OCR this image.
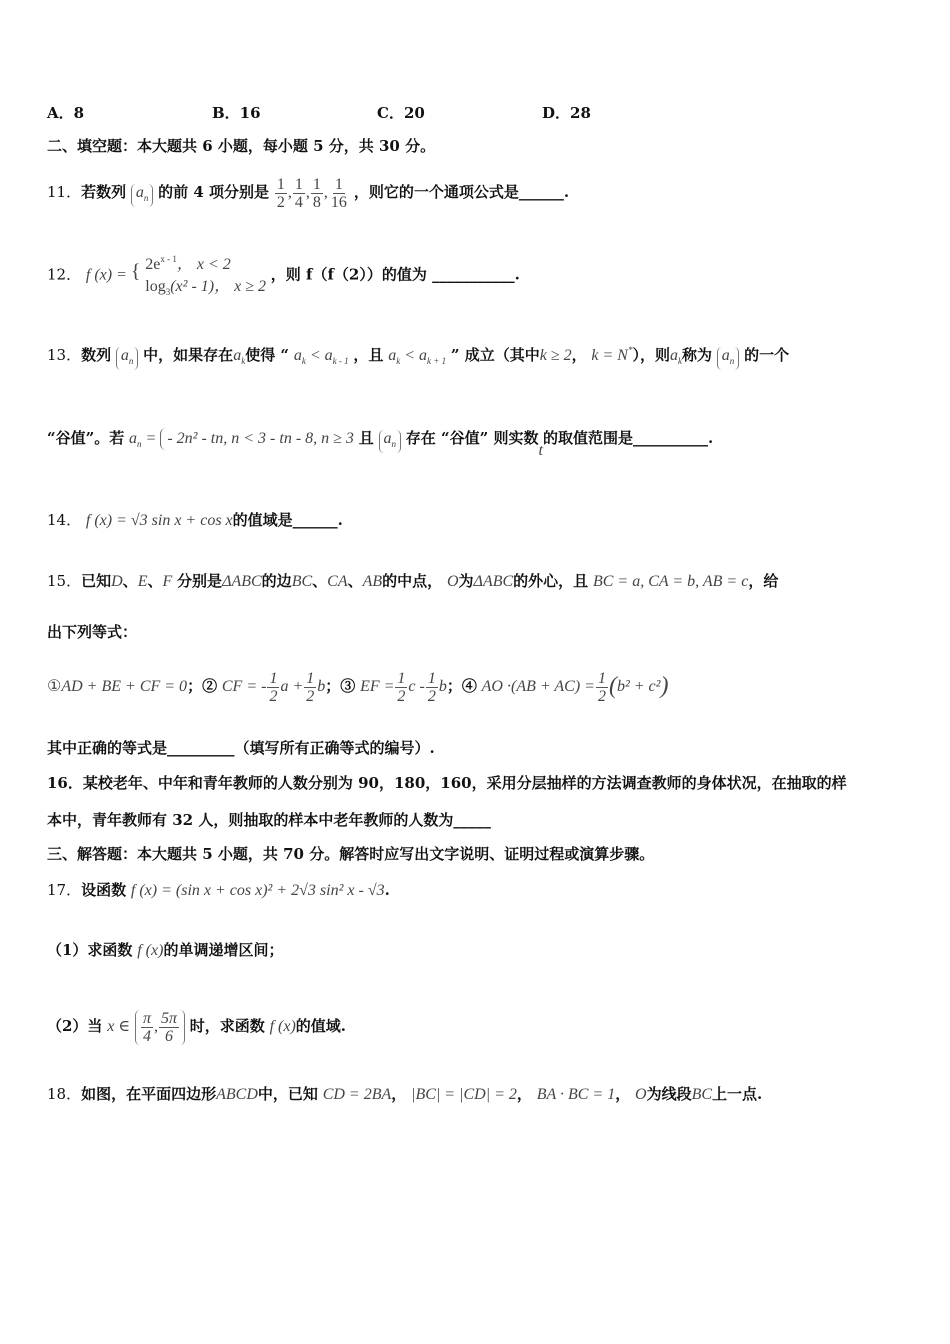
A．8	B．16	C．20	D．28
二、填空题：本大题共 6 小题，每小题 5 分，共 30 分。
11．若数列 $a_n$ 的前 4 项分别是 $\frac{1}{2}$ , $\frac{1}{4}$ , $\frac{1}{8}$ , $\frac{1}{16}$ ，则它的一个通项公式是______.
12． f (x) = { $2e^{x - 1}$， x < 2
$\log_3(x^2 - 1)$， x ≥ 2
，则 f（f（2））的值为 ___________.
13．数列 $a_n$ 中，如果存在$a_k$使得 “ $a_k < a_{k - 1}$ ，且 $a_k < a_{k + 1}$ ” 成立（其中k ≥ 2， k = N*），则$a_k$称为 $a_n$ 的一个
“谷值”。若 $a_n$ = - 2n² - tn, n < 3 - tn - 8, n ≥ 3 且 $a_n$ 存在 “谷值” 则实数t的取值范围是__________.
14． f (x) = √3 sin x + cos x的值域是______.
15．已知D、E、F 分别是ΔABC的边BC、CA、AB的中点， O为ΔABC的外心，且 BC = a, CA = b, AB = c，给
出下列等式：
①AD + BE + CF = 0；② CF = - $\frac{1}{2}$ $a + \frac{1}{2}$ b；③ EF = $\frac{1}{2}$ c - $\frac{1}{2}$ b；④ AO $\cdot(AB + AC) = \frac{1}{2} (b^2 + c^2)$
其中正确的等式是_________（填写所有正确等式的编号）.
16．某校老年、中年和青年教师的人数分别为 90，180，160，采用分层抽样的方法调查教师的身体状况，在抽取的样
本中，青年教师有 32 人，则抽取的样本中老年教师的人数为_____
三、解答题：本大题共 5 小题，共 70 分。解答时应写出文字说明、证明过程或演算步骤。
17．设函数 f (x) = (sin x + cos x)² + 2√3 sin² x - √3.
（1）求函数 f (x)的单调递增区间；
（2）当 x ∈ $\frac{\pi}{4}$ , $\frac{5\pi}{6}$ 时，求函数 f (x)的值域.
18．如图，在平面四边形ABCD中，已知 CD = 2BA， |BC| = |CD| = 2， BA · BC = 1， O为线段BC上一点.
